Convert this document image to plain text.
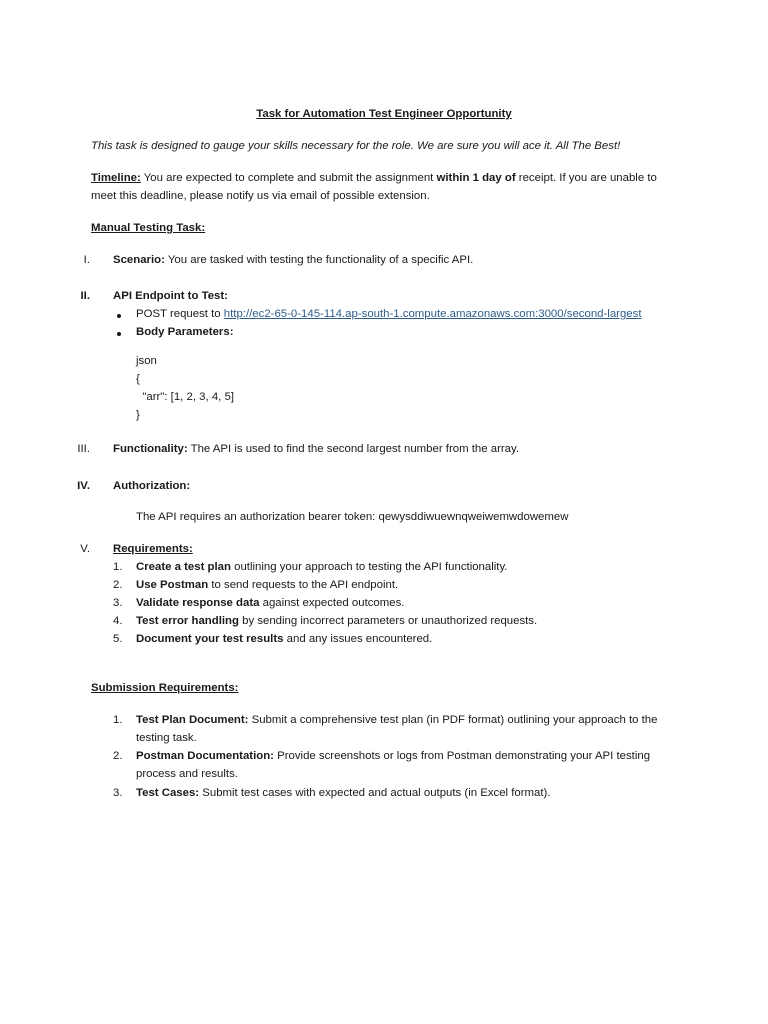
Task for Automation Test Engineer Opportunity
This task is designed to gauge your skills necessary for the role. We are sure you will ace it. All The Best!
Timeline: You are expected to complete and submit the assignment within 1 day of receipt. If you are unable to
meet this deadline, please notify us via email of possible extension.
Manual Testing Task:
I. Scenario: You are tasked with testing the functionality of a specific API.
II. API Endpoint to Test:
POST request to http://ec2-65-0-145-114.ap-south-1.compute.amazonaws.com:3000/second-largest
Body Parameters:
json
{
"arr": [1, 2, 3, 4, 5]
}
III. Functionality: The API is used to find the second largest number from the array.
IV. Authorization:
The API requires an authorization bearer token: qewysddiwuewnqweiwemwdowemew
V. Requirements:
1.	Create a test plan outlining your approach to testing the API functionality.
2.	Use Postman to send requests to the API endpoint.
3.	Validate response data against expected outcomes.
4.	Test error handling by sending incorrect parameters or unauthorized requests.
5.	Document your test results and any issues encountered.
Submission Requirements:
1.	Test Plan Document: Submit a comprehensive test plan (in PDF format) outlining your approach to the
testing task.
2.	Postman Documentation: Provide screenshots or logs from Postman demonstrating your API testing
process and results.
3.	Test Cases: Submit test cases with expected and actual outputs (in Excel format).
